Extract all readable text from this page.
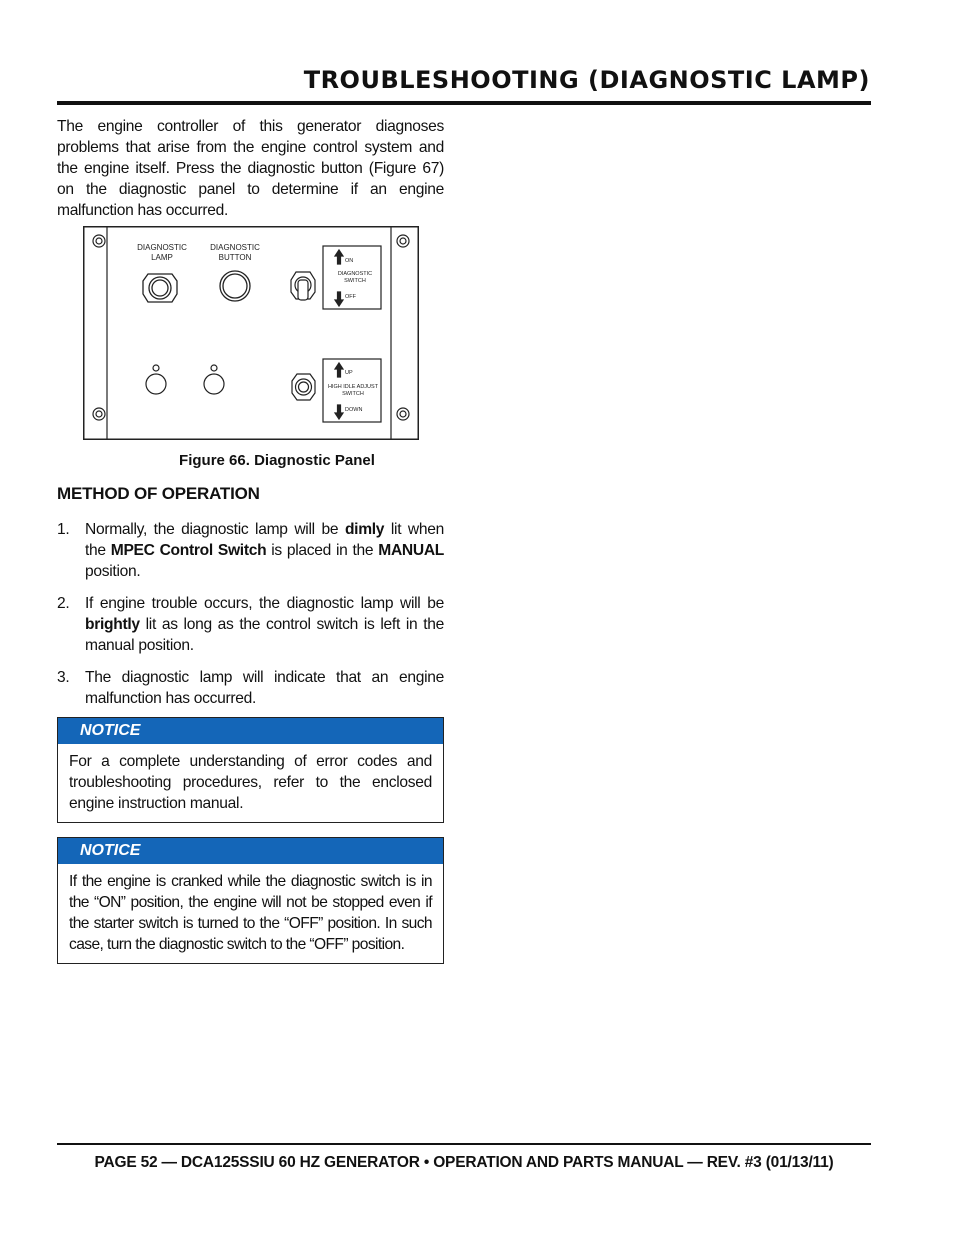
TROUBLESHOOTING (DIAGNOSTIC LAMP)

The engine controller of this generator diagnoses problems that arise from the engine control system and the engine itself. Press the diagnostic button (Figure 67) on the diagnostic panel to determine if an engine malfunction has occurred.

DIAGNOSTIC
LAMP
DIAGNOSTIC
BUTTON	ON
DIAGNOSTIC
SWITCH
OFF
UP
HIGH IDLE ADJUST
SWITCH
DOWN
Figure 66. Diagnostic Panel
METHOD OF OPERATION
1. Normally, the diagnostic lamp will be dimly lit when the MPEC Control Switch is placed in the MANUAL position.
2. If engine trouble occurs, the diagnostic lamp will be brightly lit as long as the control switch is left in the manual position.
3. The diagnostic lamp will indicate that an engine malfunction has occurred.
NOTICE
For a complete understanding of error codes and troubleshooting procedures, refer to the enclosed engine instruction manual.
NOTICE
If the engine is cranked while the diagnostic switch is in the “ON” position, the engine will not be stopped even if the starter switch is turned to the “OFF” position. In such case, turn the diagnostic switch to the “OFF” position.
PAGE 52 — DCA125SSIU 60 HZ GENERATOR • OPERATION AND PARTS MANUAL — REV. #3 (01/13/11)
